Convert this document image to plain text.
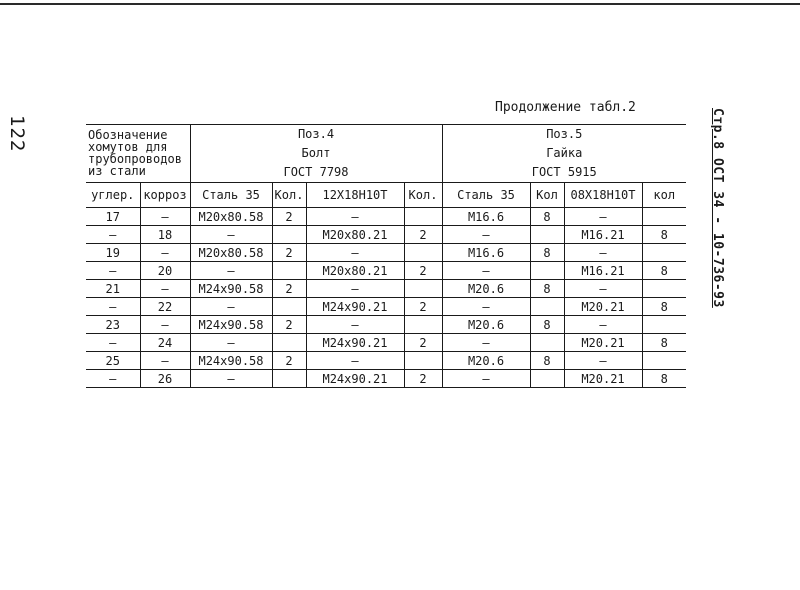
122
Продолжение табл.2
Стр.8 ОСТ 34 - 10-736-93
Обозначение
хомутов для
трубопроводов
из стали		Поз.4
Болт
ГОСТ 7798				Поз.5
Гайка
ГОСТ 5915			

углер.	корроз	Сталь 35	Кол.	12Х18Н10Т	Кол.	Сталь 35	Кол	08Х18Н10Т	кол
17	–	М20х80.58	2	–		М16.6	8	–	
–	18	–		М20х80.21	2	–		М16.21	8
19	–	М20х80.58	2	–		М16.6	8	—	
–	20	–		М20х80.21	2	–		М16.21	8
21	–	М24х90.58	2	–		М20.6	8	–	
–	22	–		М24х90.21	2	–		М20.21	8
23	–	М24х90.58	2	–		М20.6	8	–	
–	24	–		М24х90.21	2	–		М20.21	8
25	–	М24х90.58	2	–		М20.6	8	–	
–	26	–		М24х90.21	2	–		М20.21	8
